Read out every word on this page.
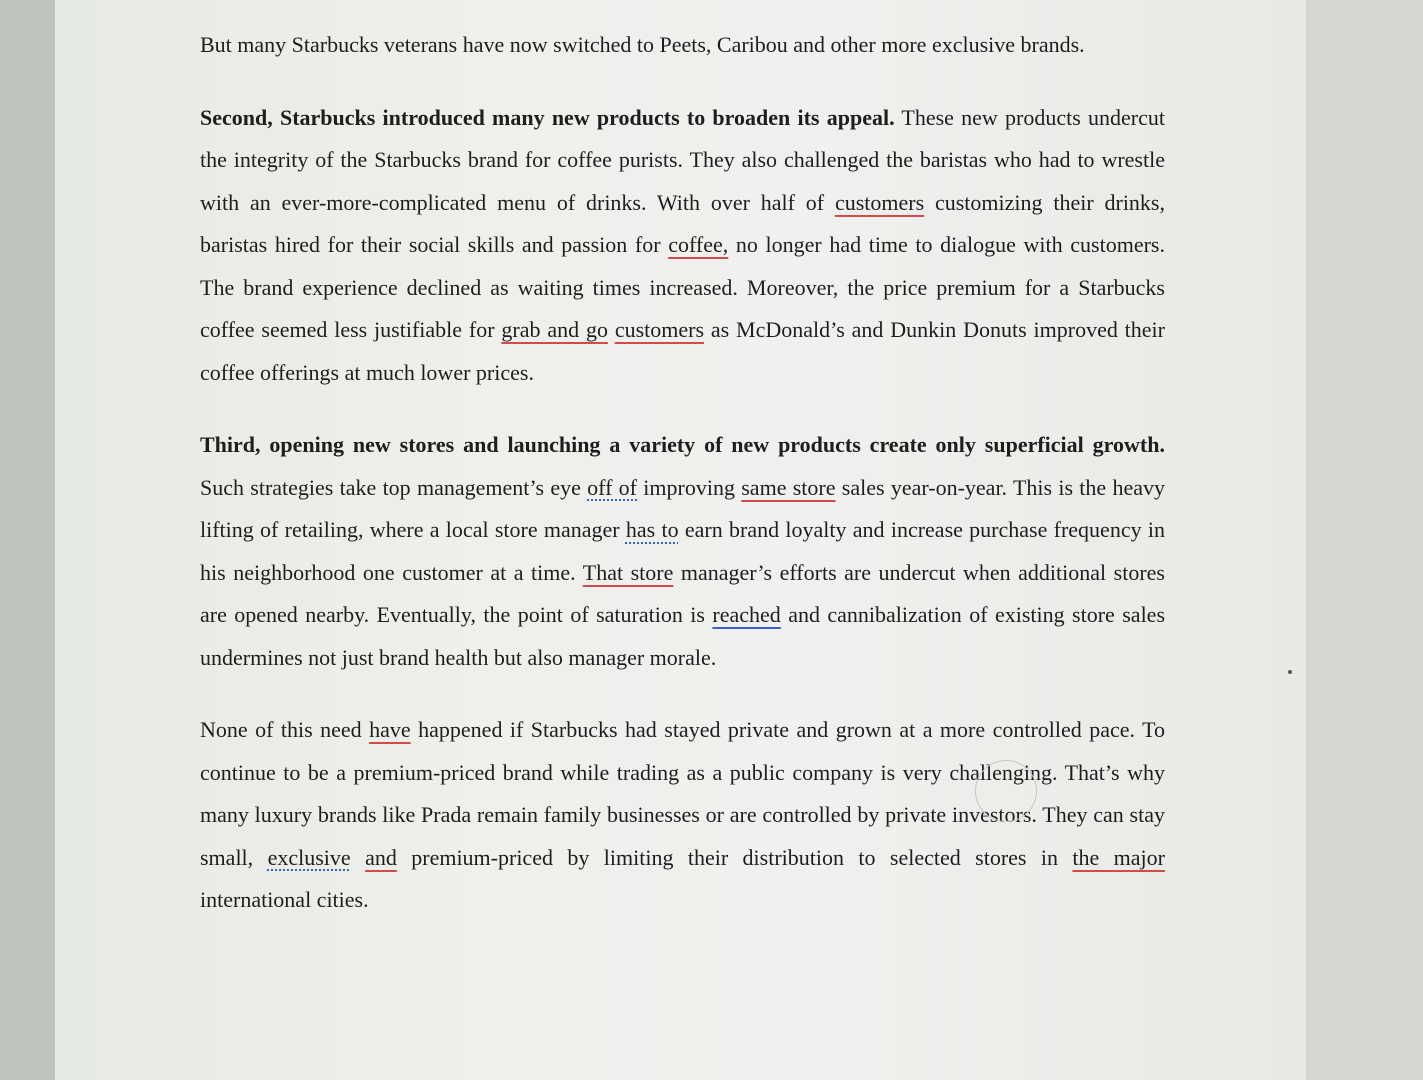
But many Starbucks veterans have now switched to Peets, Caribou and other more exclusive brands.

Second, Starbucks introduced many new products to broaden its appeal. These new products undercut the integrity of the Starbucks brand for coffee purists. They also challenged the baristas who had to wrestle with an ever-more-complicated menu of drinks. With over half of customers customizing their drinks, baristas hired for their social skills and passion for coffee, no longer had time to dialogue with customers. The brand experience declined as waiting times increased. Moreover, the price premium for a Starbucks coffee seemed less justifiable for grab and go customers as McDonald’s and Dunkin Donuts improved their coffee offerings at much lower prices.

Third, opening new stores and launching a variety of new products create only superficial growth. Such strategies take top management’s eye off of improving same store sales year-on-year. This is the heavy lifting of retailing, where a local store manager has to earn brand loyalty and increase purchase frequency in his neighborhood one customer at a time. That store manager’s efforts are undercut when additional stores are opened nearby. Eventually, the point of saturation is reached and cannibalization of existing store sales undermines not just brand health but also manager morale.

None of this need have happened if Starbucks had stayed private and grown at a more controlled pace. To continue to be a premium-priced brand while trading as a public company is very challenging. That’s why many luxury brands like Prada remain family businesses or are controlled by private investors. They can stay small, exclusive and premium-priced by limiting their distribution to selected stores in the major international cities.
